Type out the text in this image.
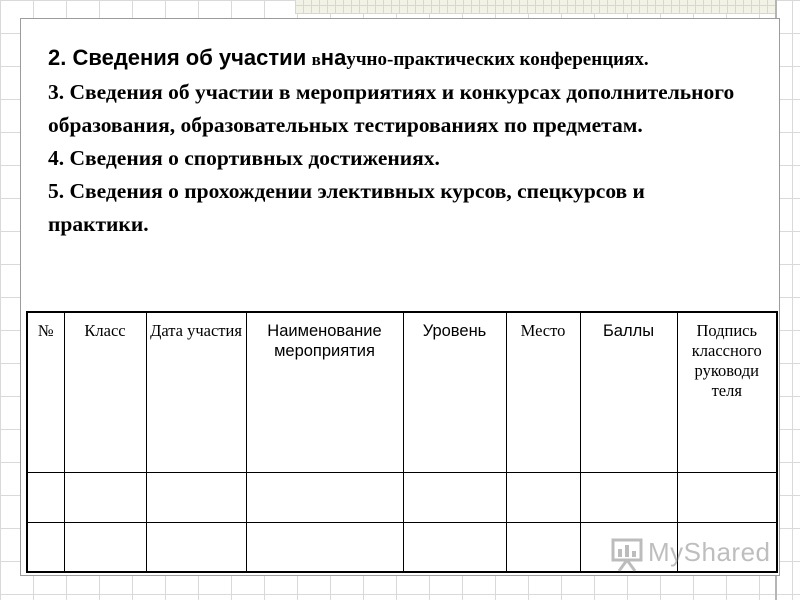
2. Сведения об участии внаучно-практических конференциях.

3. Сведения об участии в мероприятиях и конкурсах дополнительного образования, образовательных тестированиях по предметам.

4. Сведения о спортивных достижениях.

5. Сведения о прохождении элективных курсов, спецкурсов и практики.

№	Класс	Дата участия	Наименование мероприятия	Уровень	Место	Баллы	Подпись классного руководи теля

MyShared
